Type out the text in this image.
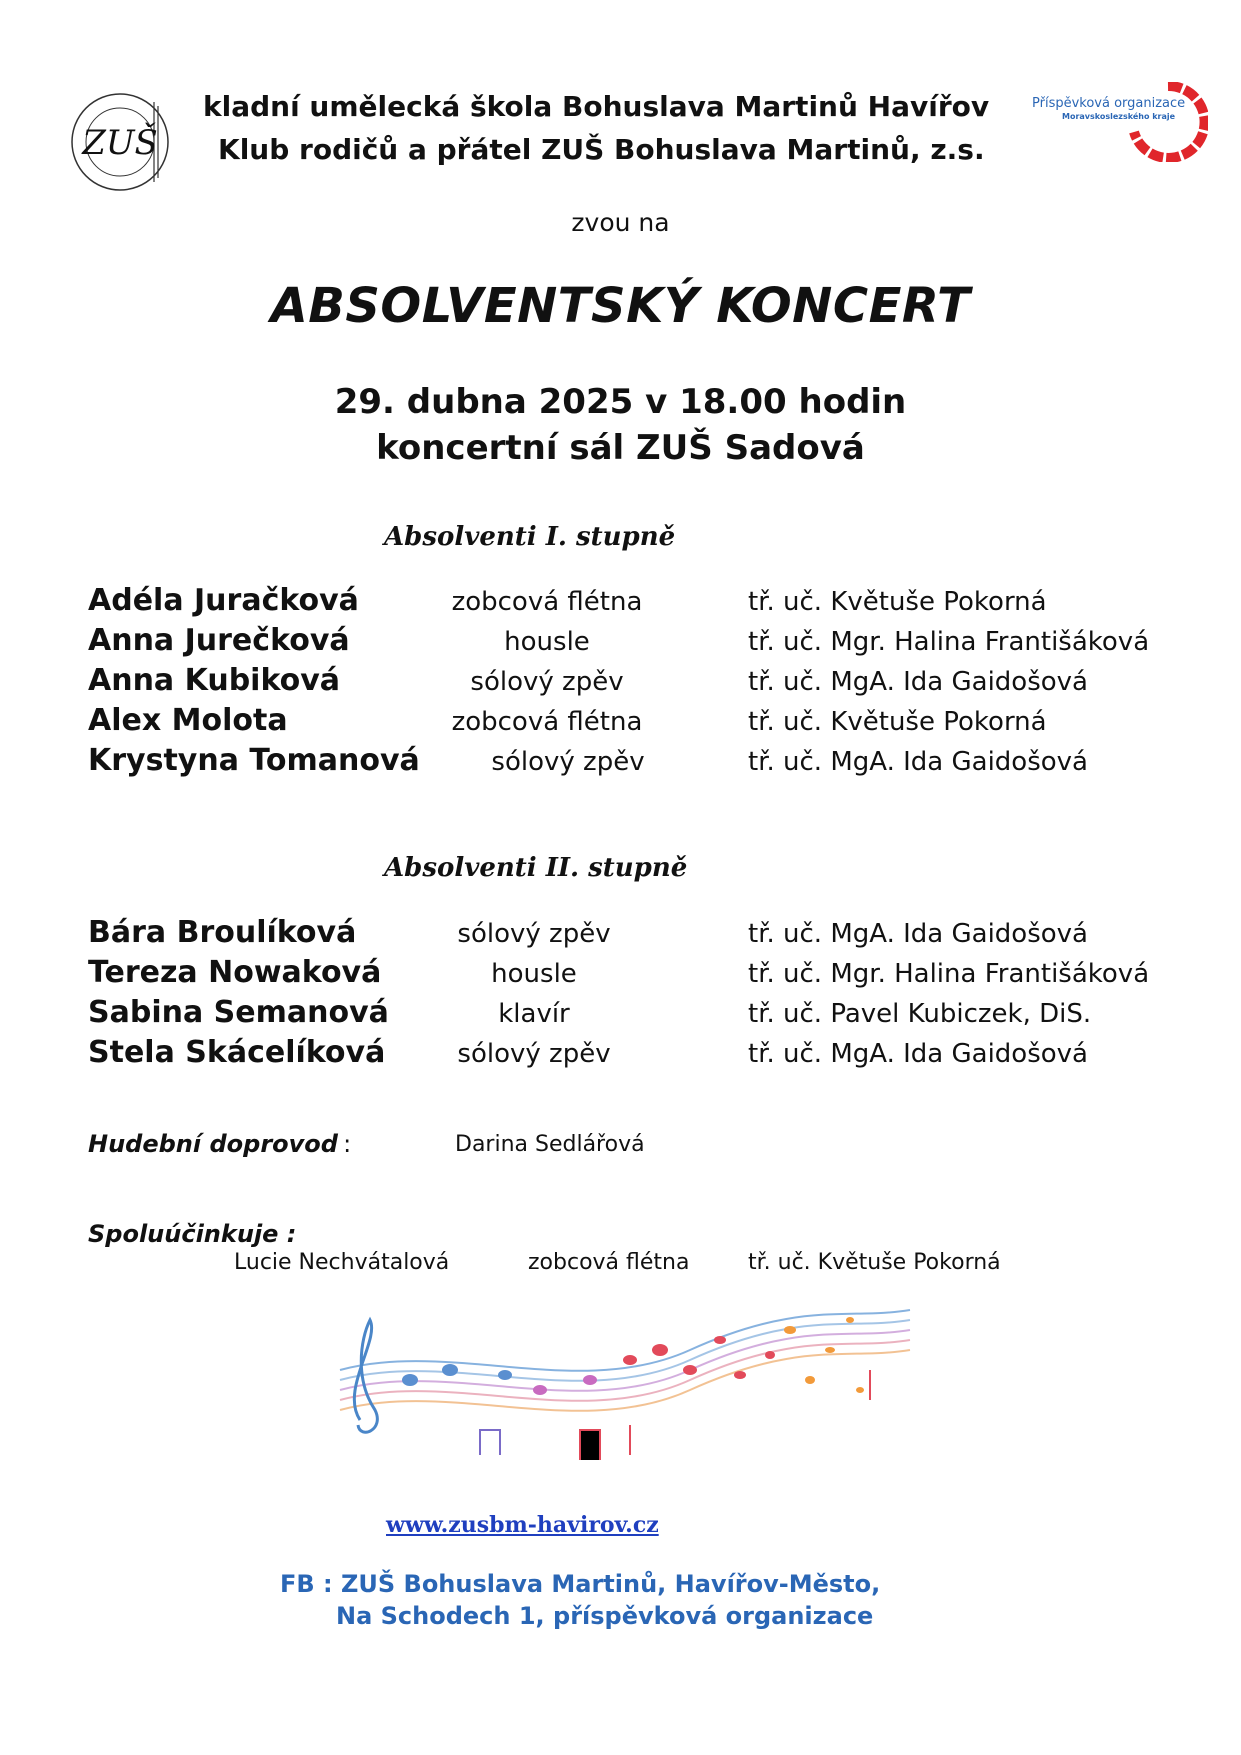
ZUŠ
kladní umělecká škola Bohuslava Martinů Havířov
Klub rodičů a přátel ZUŠ Bohuslava Martinů, z.s.
Příspěvková organizace
Moravskoslezského kraje
zvou na
ABSOLVENTSKÝ KONCERT
29. dubna 2025 v 18.00 hodin
koncertní sál ZUŠ Sadová
Absolventi I. stupně
Adéla Juračková	zobcová flétna	tř. uč. Květuše Pokorná
Anna Jurečková	housle	tř. uč. Mgr. Halina Františáková
Anna Kubiková	sólový zpěv	tř. uč. MgA. Ida Gaidošová
Alex Molota	zobcová flétna	tř. uč. Květuše Pokorná
Krystyna Tomanová	sólový zpěv	tř. uč. MgA. Ida Gaidošová
Absolventi II. stupně
Bára Broulíková	sólový zpěv	tř. uč. MgA. Ida Gaidošová
Tereza Nowaková	housle	tř. uč. Mgr. Halina Františáková
Sabina Semanová	klavír	tř. uč. Pavel Kubiczek, DiS.
Stela Skácelíková	sólový zpěv	tř. uč. MgA. Ida Gaidošová
Hudební doprovod :	Darina Sedlářová
Spoluúčinkuje :
Lucie Nechvátalová	zobcová flétna	tř. uč. Květuše Pokorná
www.zusbm-havirov.cz
FB : ZUŠ Bohuslava Martinů, Havířov-Město,
Na Schodech 1, příspěvková organizace
